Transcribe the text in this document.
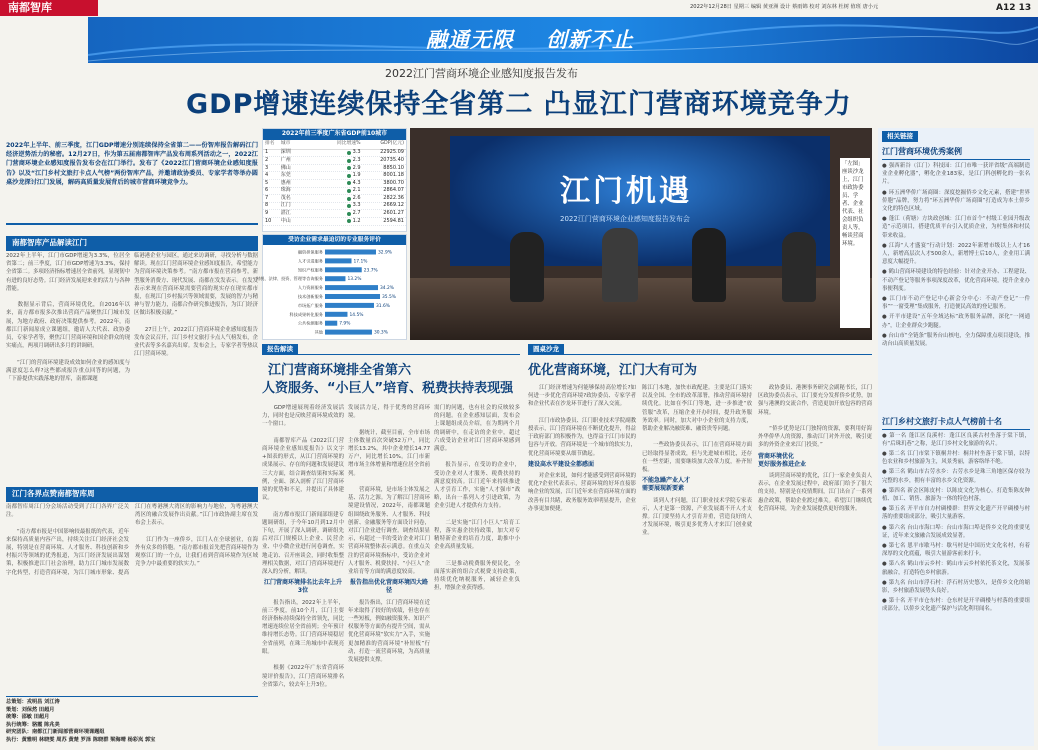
南都智库	2022年12月28日 星期三 编辑 黄亚洲 设计 蔡雨锦 校对 刘东林 杜树 值班 唐小元	A12 13
融通无限 创新不止
2022江门营商环境企业感知度报告发布
GDP增速连续保持全省第二 凸显江门营商环境竞争力
2022年上半年、前三季度，江门GDP增速分别连续保持全省第二——份智库报告解码江门经济逆势活力的秘密。12月27日，作为第五届南都智库产品发布周系列活动之一，2022江门营商环境企业感知度报告发布会在江门举行。发布了《2022江门营商环境企业感知度报告》以及“江门乡村文旅打卡点人气榜”两份智库产品，并邀请政协委员、专家学者等举办圆桌沙龙探讨江门发展，解码高质量发展背后的城市营商环境竞争力。
2022年前三季度广东省GDP前10城市
排名	城市	同比增速%	GDP(亿元)
1	深圳	3.3	22925.09
2	广州	2.3	20735.40
3	佛山	2.9	8850.10
4	东莞	1.9	8001.18
5	惠州	4.3	3800.70
6	珠海	2.1	2864.07
7	茂名	2.6	2822.36
8	江门	3.3	2669.12
9	湛江	2.7	2601.27
10	中山	1.2	2594.81
受访企业需求最迫切的专业服务评价
融资担保服务	32.9%
人才引进服务	17.1%
知识产权服务	23.7%
财税、法律、投资、管理等咨询服务	13.2%
人力资源服务	34.2%
技术创新服务	35.5%
市场拓广服务	31.6%
科技成果转化服务	14.5%
公共检测服务	7.9%
其他	30.3%
江门机遇
2022江门营商环境企业感知度报告发布会
「左图」 座谈沙龙上，江门市政协委员、学者、企业代表、社会组织负责人等，畅谈营商环境。
南都智库产品解读江门
2022年上半年，江门市GDP增速为3.3%，位居全省第二；前三季度，江门市GDP增速为3.3%，保持全省第二。多项经济指标增速居全省前列，显现韧中有进的良好态势。江门经济发展迎来业的活力与各种潜能。

　　数据显示背后，营商环境优化，自2016年以来，南方都市报多次推出营商产品聚焦江门城市发展，为地方政府、政府决策提供参考。2022年，南都江门新闻原成立课题组，邀请人大代表、政协委员，专家学者等，聚焦江门营商环境和国企群众的现实痛点，两项月调研出多月的讲调研。

　　“江门的营商环境建设成效如何企业的感知度与满意度怎么样?这些都成报告重点回答的问题，为「下游提供实践落地的智库，南都课题
临港港企业与园区，通过来访调研，寻找分析与数据解读。现在江门营商环境企业感知度报告，希望能力为营商环境决策参考。“南方都市报在营商参考，新型服务消费方、现代发展、南都在发发表示。在发发表示来现在营商环境需要营商的现实存在现实都市报，在现江门乡村振兴等领域需要，发展的智力与精神与智力能力，南都合作研究推进报告，为江门经济区做出积极贡献。”

　　27日上午，2022江门营商环境企业感知度报告发布会议召开，江门乡村文旅打卡点人气榜发布，企业代表等多名嘉宾出席。发布会上，专家学者等热议江门营商环境。
江门各界点赞南都智库周
南都智库周江门分会场活动受到了江门各界广泛关注。

　　“南方都市报是中国影响较最报纸的代表，近年来保持高质量内容产出，持续关注江门经济社会发展，特别是在营商环境、人才服务、科技创新和乡村振兴等领域的优秀报道，为江门经济发展出谋划策，积极推进江门社会治理，助力江门城市发展数字化转型，打造营商环境，为江门城市形象、提高江门在粤港澳大湾区的影响力与地位，为粤港澳大湾区的融合发展作出贡献。”江门市政协副主席在发布会上表示。

　　江门作为一座侨乡，江门人在全球创业，在海外有众多的侨胞。“南方都市报首先把营商环境作为观察江门的一个点，让我们看到营商环境作为区域竞争力中最重要的软实力。”
总策划：戎明昌 刘江涛
策划：刘保然 田超月
统筹：邵敏 田超月
执行统筹：骆霞 陈兆美
研究团队：南都江门新闻部营商环境课题组
执行：黄雅明 林晓雯 周苏 黄楚 罗泽 陈晓群 梁海晴 杨彩岚 郭宝
报告解读
江门营商环境排全省第六
人资服务、“小巨人”培育、税费扶持表现强
　　GDP增速展现着经济发展活力，同时也是反映营商环境成效的一个窗口。

　　南都智库产品《2022江门营商环境企业感知度报告》以文字+图表的形式，从江门营商环境的成果展示、存在的问题和发展建议三大方面，结合调查结果和实际案例，全面、深入剖析了江门营商环境的优势和不足，并提出了具体建议。

　　南方都市报江门新闻部组建专题调研组，于今年10月到12月中下旬，开展了深入调研。调研组先后对江门规模以上企业、民营企业、中小微企业进行问卷调查，实地走访、召开座谈会，同时收集整理相关数据，对江门营商环境进行深入的分析，解读。
江门营商环境排名比去年上升3位
　　报告指出，2022年上半年，前三季度，前10个月，江门主要经济指标持续保持全省领先，同比增速连续位居全省前列；全年预计维持增长态势。江门营商环境稳居全省前列，在珠三角城市中表现亮眼。

　　根据《2022年广东省营商环境评价报告》，江门营商环境排名全省第六，较去年上升3位。
发展活力足，得于优秀的营商环境。

　　据统计，截至目前，全市市场主体数量首次突破52万户，同比增长13.2%，其中企业增长14.77万户，同比增长10%。江门市新增市场主体增量和增速位居全省前列。

　　营商环境，是市场主体发展之基、活力之源。为了解江门营商环境建设情况，2022年，南都课题组围绕政务服务、人才服务、科技创新、金融服务等方面设计问卷，对江门企业进行调查。调查结果显示，有超过一半的受访企业对江门营商环境整体表示满意。在重点关注的营商环境指标中，受访企业对人才服务、税费扶持、“小巨人”企业培育等方面的满意度较高。
报告指出优化营商环境四大路径
　　报告指出，江门营商环境在近年来取得了较好的成绩，但也存在一些短板，例如融资服务、知识产权服务等方面仍有提升空间，需从优化营商环境“软实力”入手，实施更加精准的营商环境“补短板”行动，打造一流营商环境，为高质量发展提供支撑。
需门的问题，也有社会的反映较多的问题。在企业感知层面，发布会上课题组成员介绍，在为期两个月的调研中，在走访的企业中，超过六成受访企业对江门营商环境感到满意。

　　报告显示，在受访的企业中，受访企业对人才服务、税费扶持的满意度较高。江门近年来持续推进人才引育工作，实施“人才强市”战略，出台一系列人才引进政策，为企业引进人才提供有力支持。

　　二是实施“江门小巨人”培育工程，落实惠企扶持政策，加大对专精特新企业的培育力度，助推中小企业高质量发展。

　　三是推动税费服务便民化，全面落实新的组合式税费支持政策，持续优化纳税服务，减轻企业负担，增强企业获得感。
圆桌沙龙
优化营商环境，江门大有可为
　　江门经济增速为何能够保持高位增长?如何进一步优化营商环境?政协委员、专家学者和企业代表在沙龙环节进行了深入交流。

　　江门市政协委员、江门职业技术学院副教授表示，江门营商环境在不断优化提升，得益于政府部门的积极作为，也得益于江门市民的包容与开放。营商环境是一个城市的软实力，优化营商环境要从细节做起。
建设高水平建设全都感面
　　对企业来说，如何才能感受到营商环境的优化?企业代表表示，营商环境的好坏直接影响企业的发展，江门近年来在营商环境方面的改善有目共睹，政务服务效率明显提升，企业办事更加便捷。
陈江门本地，加快市政配建。主要是江门落实以及全国、全市的改革部署，推动营商环境持续优化。比如在李江门等地，进一步推进“放管服”改革，压缩企业开办时间，提升政务服务效率。同时，加大对中小企业的支持力度，帮助企业解决融资难、融资贵等问题。

　　一些政协委员表示，江门在营商环境方面已经取得显著成效，但与先进城市相比，还存在一些差距，需要继续加大改革力度，补齐短板。
不能急躁产业人才
需要展现新要素

　　谈到人才问题，江门职业技术学院专家表示，人才是第一资源，产业发展离不开人才支撑。江门要坚持人才引育并重，营造良好的人才发展环境，吸引更多优秀人才来江门创业就业。
　　政协委员、港澳事务研究会副秘书长，江门区政协委员表示，江门要充分发挥侨乡优势，加强与港澳的交流合作，营造更加开放包容的营商环境。

　　“侨乡优势是江门独特的资源，要利用好海外华侨华人的资源，推动江门对外开放，吸引更多的外资企业来江门投资。”
营商环境优化
更好服务推进企业
　　谈到营商环境的优化，江门一家企业负责人表示，在企业发展过程中，政府部门给予了很大的支持，特别是在疫情期间，江门出台了一系列惠企政策，帮助企业渡过难关。希望江门继续优化营商环境，为企业发展提供更好的服务。
相关链接
江门营商环境优秀案例
● 强西新谷（江门）科技园：江门市唯一获评省级“高端制造业企业孵化器”，孵化企业183家，是江门科创孵化的一张名片。
● 环五洲华侨广场商圈：深度挖掘侨乡文化元素，搭建“世界侨胞”品牌，努力将“环五洲华侨广场商圈”打造成为本土侨乡文化的特色区域。
● 蓬江（荷塘）方块政创城：江门市首个“村级工业园升级改造”示范项目，搭建优质平台引入优质企业，为村集体和村民带来收益。
● 江海“人才盛宴”行动计划：2022年新增市级以上人才16人，新增高层次人才500余人，新增博士后10人，企业用工满意度大幅提升。
● 鹤山营商环境建设的特色经验：针对企业开办、工程建设、不动产登记等服务事项深度改革，优化营商环境，提升企业办事便利度。
● 江门市不动产登记中心新会分中心：不动产登记“一件事”“一窗受理”集成服务，打造便民高效的登记服务。
● 开平市建设“五年全域达标”政务服务品牌，深化“一网通办”，让企业群众少跑腿。
● 台山市“全链条”服务台山核电，全力保障重点项目建设，推动台山高质量发展。
江门乡村文旅打卡点人气榜前十名
● 第一名 蓬江区良溪村：蓬江区良溪古村坐落于棠下镇，有“后珠玑巷”之称，是江门乡村文化旅游的名片。
● 第二名 江门市棠下镇桐井村：桐井村坐落于棠下镇，以特色农业和乡村旅游为主，风景秀丽，游客络绎不绝。
● 第三名 鹤山市古劳水乡：古劳水乡是珠三角地区保存较为完整的水乡，拥有丰富的水乡文化资源。
● 第四名 新会区陈皮村：以陈皮文化为核心，打造集陈皮种植、加工、销售、旅游为一体的特色村落。
● 第五名 开平市自力村碉楼群：世界文化遗产开平碉楼与村落的重要组成部分，吸引大量游客。
● 第六名 台山市海口埠：台山市海口埠是侨乡文化的重要见证，近年来文旅融合发展成效显著。
● 第七名 恩平市歇马村：歇马村是中国历史文化名村，有着深厚的文化底蕴，吸引大量游客前来打卡。
● 第八名 鹤山市云乡村：鹤山市云乡村依托茶文化，发展茶旅融合，打造特色乡村旅游。
● 第九名 台山市浮石村：浮石村历史悠久，是侨乡文化的缩影，乡村旅游发展势头良好。
● 第十名 开平市仓东村：仓东村是开平碉楼与村落的重要组成部分，以侨乡文化遗产保护与活化利用闻名。
